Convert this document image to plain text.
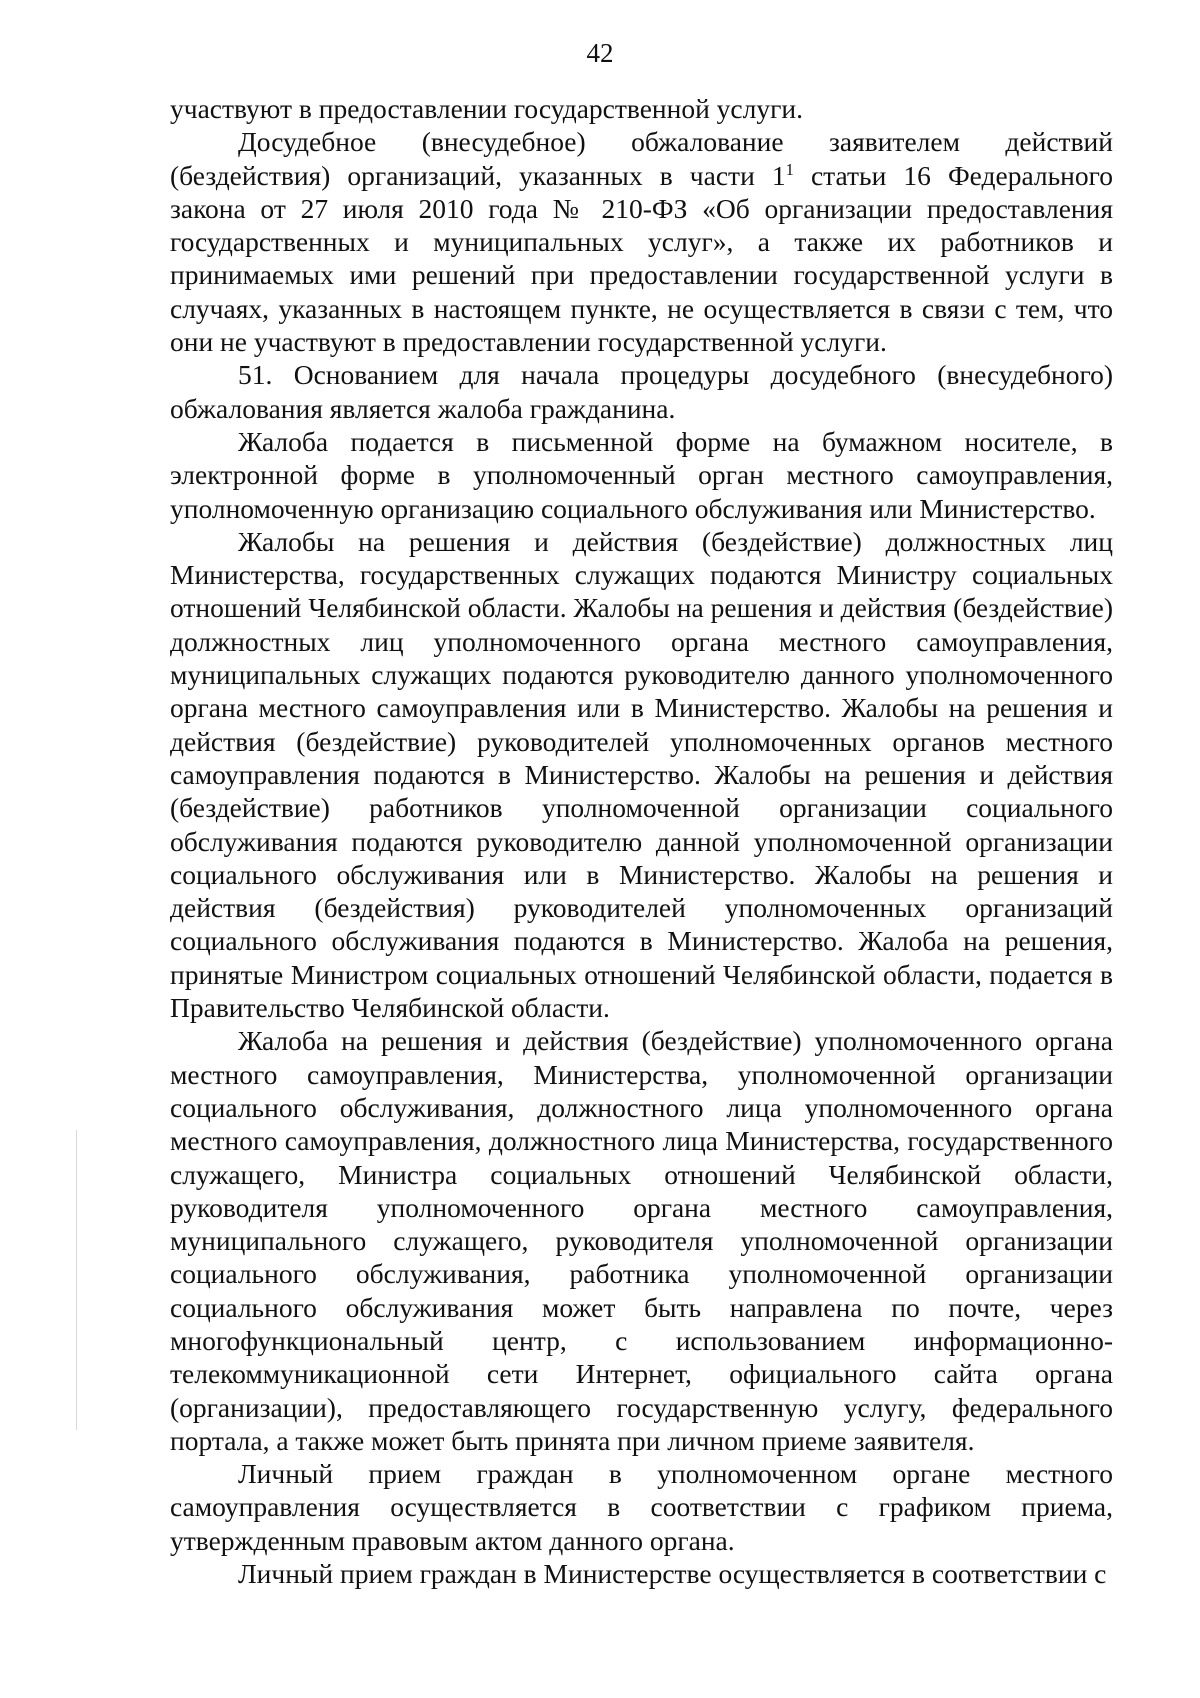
42

участвуют в предоставлении государственной услуги.

Досудебное (внесудебное) обжалование заявителем действий (бездействия) организаций, указанных в части $1^1$ статьи 16 Федерального закона от 27 июля 2010 года № 210-ФЗ «Об организации предоставления государственных и муниципальных услуг», а также их работников и принимаемых ими решений при предоставлении государственной услуги в случаях, указанных в настоящем пункте, не осуществляется в связи с тем, что они не участвуют в предоставлении государственной услуги.

51. Основанием для начала процедуры досудебного (внесудебного) обжалования является жалоба гражданина.

Жалоба подается в письменной форме на бумажном носителе, в электронной форме в уполномоченный орган местного самоуправления, уполномоченную организацию социального обслуживания или Министерство.

Жалобы на решения и действия (бездействие) должностных лиц Министерства, государственных служащих подаются Министру социальных отношений Челябинской области. Жалобы на решения и действия (бездействие) должностных лиц уполномоченного органа местного самоуправления, муниципальных служащих подаются руководителю данного уполномоченного органа местного самоуправления или в Министерство. Жалобы на решения и действия (бездействие) руководителей уполномоченных органов местного самоуправления подаются в Министерство. Жалобы на решения и действия (бездействие) работников уполномоченной организации социального обслуживания подаются руководителю данной уполномоченной организации социального обслуживания или в Министерство. Жалобы на решения и действия (бездействия) руководителей уполномоченных организаций социального обслуживания подаются в Министерство. Жалоба на решения, принятые Министром социальных отношений Челябинской области, подается в Правительство Челябинской области.

Жалоба на решения и действия (бездействие) уполномоченного органа местного самоуправления, Министерства, уполномоченной организации социального обслуживания, должностного лица уполномоченного органа местного самоуправления, должностного лица Министерства, государственного служащего, Министра социальных отношений Челябинской области, руководителя уполномоченного органа местного самоуправления, муниципального служащего, руководителя уполномоченной организации социального обслуживания, работника уполномоченной организации социального обслуживания может быть направлена по почте, через многофункциональный центр, с использованием информационно-телекоммуникационной сети Интернет, официального сайта органа (организации), предоставляющего государственную услугу, федерального портала, а также может быть принята при личном приеме заявителя.

Личный прием граждан в уполномоченном органе местного самоуправления осуществляется в соответствии с графиком приема, утвержденным правовым актом данного органа.

Личный прием граждан в Министерстве осуществляется в соответствии с
